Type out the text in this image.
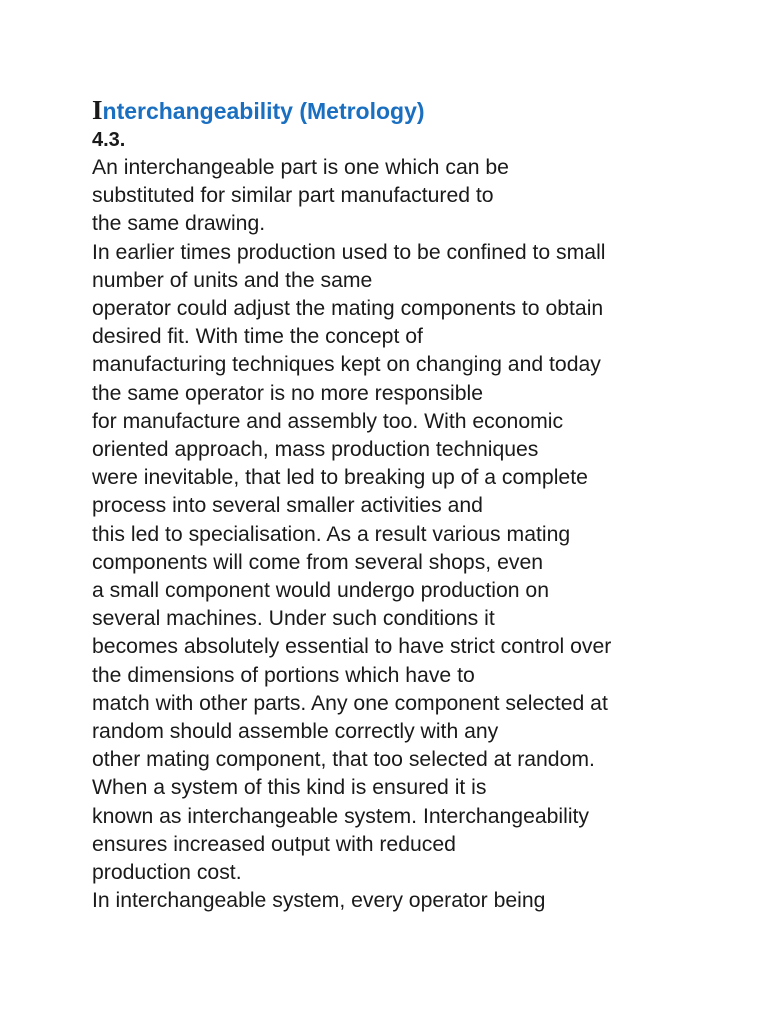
Interchangeability (Metrology)

4.3.

An interchangeable part is one which can be

substituted for similar part manufactured to

the same drawing.

In earlier times production used to be confined to small

number of units and the same

operator could adjust the mating components to obtain

desired fit. With time the concept of

manufacturing techniques kept on changing and today

the same operator is no more responsible

for manufacture and assembly too. With economic

oriented approach, mass production techniques

were inevitable, that led to breaking up of a complete

process into several smaller activities and

this led to specialisation. As a result various mating

components will come from several shops, even

a small component would undergo production on

several machines. Under such conditions it

becomes absolutely essential to have strict control over

the dimensions of portions which have to

match with other parts. Any one component selected at

random should assemble correctly with any

other mating component, that too selected at random.

When a system of this kind is ensured it is

known as interchangeable system. Interchangeability

ensures increased output with reduced

production cost.

In interchangeable system, every operator being
